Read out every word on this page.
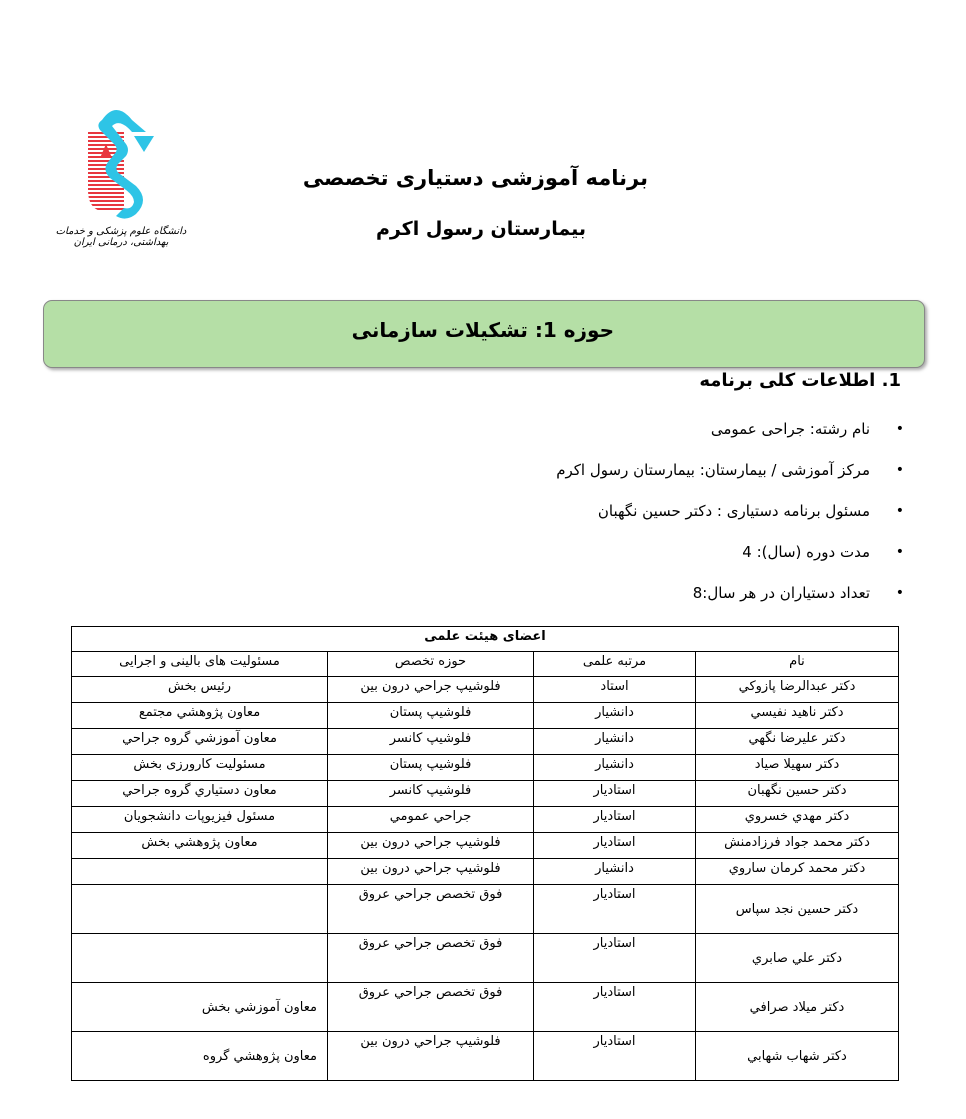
دانشگاه علوم پزشکی و خدمات بهداشتی، درمانی ایران
برنامه آموزشی دستیاری تخصصی
بیمارستان رسول اکرم
حوزه 1: تشکیلات سازمانی
1. اطلاعات کلی برنامه
•
نام رشته: جراحی عمومی
•
مرکز آموزشی / بیمارستان: بیمارستان رسول اکرم
•
مسئول برنامه دستیاری : دکتر حسین نگهبان
•
مدت دوره (سال): 4
•
تعداد دستیاران در هر سال:8
اعضای هیئت علمی			
نام	مرتبه علمی	حوزه تخصص	مسئولیت های بالینی و اجرایی
دکتر عبدالرضا پازوكي	استاد	فلوشيپ جراحي درون بين	رئيس بخش
دکتر ناهيد نفيسي	دانشيار	فلوشيپ پستان	معاون پژوهشي مجتمع
دکتر عليرضا نگهي	دانشيار	فلوشيپ كانسر	معاون آموزشي گروه جراحي
دکتر سهيلا صياد	دانشيار	فلوشيپ پستان	مسئوليت كارورزی بخش
دکتر حسين نگهبان	استاديار	فلوشيپ كانسر	معاون دستياري گروه جراحي
دکتر مهدي خسروي	استاديار	جراحي عمومي	مسئول فيزيوپات دانشجويان
دکتر محمد جواد فرزادمنش	استاديار	فلوشيپ جراحي درون بين	معاون پژوهشي بخش
دکتر محمد كرمان ساروي	دانشيار	فلوشيپ جراحي درون بين	
دکتر حسين نجد سپاس	استاديار	فوق تخصص جراحي عروق	
دکتر علي صابري	استاديار	فوق تخصص جراحي عروق	
دکتر ميلاد صرافي	استاديار	فوق تخصص جراحي عروق	معاون آموزشي بخش
دکتر شهاب شهابي	استاديار	فلوشيپ جراحي درون بين	معاون پژوهشي گروه
